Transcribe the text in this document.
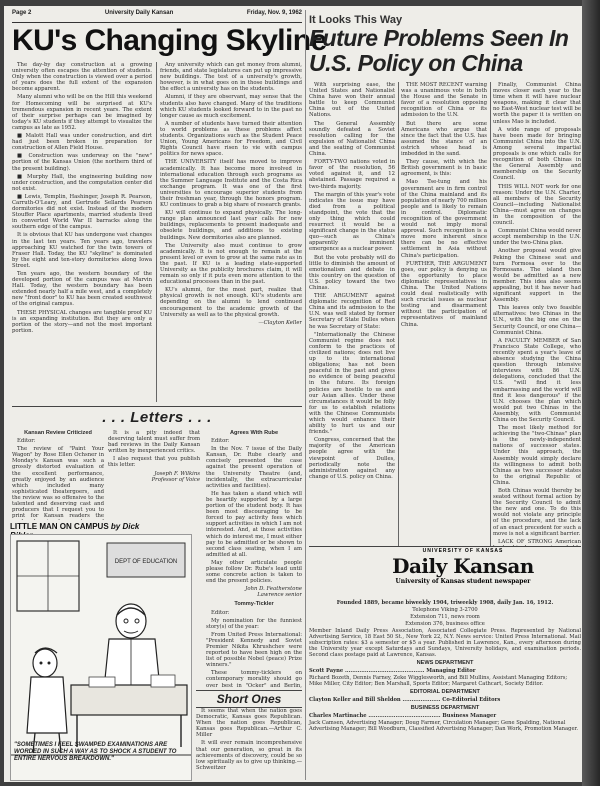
Page 2	University Daily Kansan	Friday, Nov. 9, 1962
KU's Changing Skyline

The day-by day construction at a growing university often escapes the attention of students. Only when the construction is viewed over a period of years does the full extent of the expansion become apparent.

Many alumni who will be on the Hill this weekend for Homecoming will be surprised at KU's tremendous expansion in recent years. The extent of their surprise perhaps can be imagined by today's KU students if they attempt to visualize the campus as late as 1952.

■ Malott Hall was under construction, and dirt had just been broken in preparation for construction of Allen Field House.

■ Construction was underway on the "new" portion of the Kansas Union (the northern third of the present building).

■ Murphy Hall, the engineering building now under construction, and the computation center did not exist.

■ Lewis, Templin, Hashinger, Joseph R. Pearson, Carruth-O'Leary, and Gertrude Sellards Pearson dormitories did not exist. Instead of the modern Stouffer Place apartments, married students lived in converted World War II barracks along the southern edge of the campus.

It is obvious that KU has undergone vast changes in the last ten years. Ten years ago, travelers approaching KU watched for the twin towers of Fraser Hall. Today, the KU "skyline" is dominated by the eight and ten-story dormitories along Iowa Street.

Ten years ago, the western boundary of the developed portion of the campus was at Marvin Hall. Today, the western boundary has been extended nearly half a mile west, and a completely new "front door" to KU has been created southwest of the original campus.

THESE PHYSICAL changes are tangible proof KU is an expanding institution. But they are only a portion of the story—and not the most important portion.

Any university which can get money from alumni, friends, and state legislatures can put up impressive new buildings. The test of a university's growth, however, is in what goes on in those buildings and the effect a university has on the students.

Alumni, if they are observant, may sense that the students also have changed. Many of the traditions which KU students looked forward to in the past no longer cause as much excitement.

A number of students have turned their attention to world problems as these problems affect students. Organizations such as the Student Peace Union, Young Americans for Freedom, and Civil Rights Council have risen to vie with campus politics for news space.

THE UNIVERSITY itself has moved to improve academically. It has become more involved in international education through such programs as the Summer Language Institute and the Costa Rica exchange program. It was one of the first universities to encourage superior students from their freshman year, through the honors program. KU continues to grab a big share of research grants.

KU will continue to expand physically. The long-range plan announced last year calls for new buildings, replacements to present inadequate and obsolete buildings, and additions to existing buildings. New dormitories also are planned.

The University also must continue to grow academically. It is not enough to remain at the present level or even to grow at the same rate as in the past. If KU is a leading state-supported University as the publicity brochures claim, it will remain so only if it puts even more attention to the educational processes than in the past.

KU's alumni, for the most part, realize that physical growth is not enough. KU's students are depending on the alumni to lend continued encouragement to the academic growth of the University as well as to the physical growth.

—Clayton Keller
. . . Letters . . .
Kansan Review Criticized

Editor:

The review of "Paint Your Wagon" by Rose Ellen Ochsner in Monday's Kansan was such a grossly distorted evaluation of the excellent performance, greatly enjoyed by an audience which included many sophisticated theatergoers, and the review was so offensive to the talented and deserving cast and producers that I request you to print for Kansan readers the

It is a pity indeed that deserving talent must suffer from bad reviews in the Daily Kansan written by inexperienced critics.

I also request that you publish this letter.

Joseph F. Wilkins
Professor of Voice
Agrees With Rube

Editor:

In the Nov. 7 issue of the Daily Kansan, Dr. Rube clearly and concisely presented the case against the present operation of the University Theatre (and, incidentally, the extracurricular activities and facilities).

He has taken a stand which will be heartily supported by a large portion of the student body. It has been most discouraging to be forced to pay activity fees which support activities in which I am not interested. And, at those activities which do interest me, I must either pay to be admitted or be shown to second class seating, when I am admitted at all.

May other articulate people please follow Dr. Rube's lead until some concrete action is taken to end the present policies.

John D. Featherstone
Lawrence senior
Tommy-Tickler

Editor:

My nomination for the funniest story(s) of the year:

From United Press International: "President Kennedy and Soviet Premier Nikita Khrushchev were reported to have been high on the list of possible Nobel (peace) Prize winners."

These tommy-ticklers on contemporary morality should go over best in "Ocker" and Berlin,

LITTLE MAN ON CAMPUS by Dick
DEPT OF EDUCATION
"SOMETIMES I FEEL SWAMPED EXAMINATIONS ARE WORDED IN SUCH A WAY AS TO SHOCK A STUDENT TO ENTIRE NERVOUS BREAKDOWN."
Short Ones

It seems that when the nation goes Democratic, Kansas goes Republican. When the nation goes Republican, Kansas goes Republican.—Arthur C. Miller

It will ever remain incomprehensive that our generation, so great in its achievements of discovery, could be so low spiritually as to give up thinking.—Schweitzer

It Looks This Way
Future Problems Seen In U.S. Policy on China

With surprising ease, the United States and Nationalist China have won their annual battle to keep Communist China out of the United Nations.

The General Assembly soundly defeated a Soviet resolution calling for the expulsion of Nationalist China and the seating of Communist China.

FORTY-TWO nations voted in favor of the resolution, 56 voted against it, and 12 abstained. Passage required a two-thirds majority.

The margin of this year's vote indicates the issue may have died from a political standpoint, the vote that the only thing which could resurrect it would be a significant change in the status quo—such as China's apparently imminent emergence as a nuclear power.

But the vote probably will do little to diminish the amount of emotionalism and debate in this country on the question of U.S. policy toward the two Chinas.

THE ARGUMENT against diplomatic recognition of Red China and its admission to the U.N. was well stated by former Secretary of State Dulles when he was Secretary of State:

"Internationally the Chinese Communist regime does not conform to the practices of civilized nations; does not live up to its international obligations; has not been peaceful in the past and gives no evidence of being peaceful in the future. Its foreign policies are hostile to us and our Asian allies. Under these circumstances it would be folly for us to establish relations with the Chinese Communists which would enhance their ability to hurt us and our friends."

Congress, concerned that the majority of the American people agree with the viewpoint of Dulles, periodically note the administration against any change of U.S. policy on China.

THE MOST RECENT warning was a unanimous vote in both the House and the Senate in favor of a resolution opposing recognition of China or its admission to the U.N.

But there are some Americans who argue that since the fact that the U.S. has assumed the stance of an ostrich whose head is imbedded in the sand.

They cause, with which the British government is in basic agreement, is this:

Mao Tse-tung and his government are in firm control of the China mainland and its population of nearly 700 million people and is likely to remain in control. Diplomatic recognition of the government would not imply moral approval. Such recognition is a move more inherent since there can be no effective settlement in Asia without China's participation.

FURTHER, THE ARGUMENT goes, our policy is denying us the opportunity to place diplomatic representatives in China. The United Nations could deal realistically with such crucial issues as nuclear testing and disarmament without the participation of representatives of mainland China.

Finally, Communist China moves closer each year to the time when it will have nuclear weapons, making it clear that no East-West nuclear test will be worth the paper it is written on unless Mao is included.

A wide range of proposals have been made for bringing Communist China into the U.N. Among several impartial proposals is one which calls for recognition of both Chinas in the General Assembly and membership on the Security Council.

THIS WILL NOT work for one reason: Under the U.N. Charter, all members of the Security Council—including Nationalist China—must agree on changes in the composition of the council.

Communist China would never accept membership in the U.N. under the two-China plan.

Another proposal would give Peking the Chinese seat and turn Formosa over to the Formosans. The island then would be admitted as a new member. This idea also seems appealing, but it has never had significant support in the Assembly.

This leaves only two feasible alternatives: two Chinas in the U.N., with the big one on the Security Council, or one China—Communist China.

A FACULTY MEMBER of San Francisco State College, who recently spent a year's leave of absence studying the China question through intensive interviews with 86 U.N. delegations, concluded that the U.S. "will find it less embarrassing and the world will find it less dangerous" if the U.N. chooses the plan which would put two Chinas in the Assembly, with Communist China on the Security Council.

The most likely method for achieving the "two-Chinas" plan is the newly-independent nations of successor states. Under this approach, the Assembly would simply declare its willingness to admit both Chinas as two successor states to the original Republic of China.

Both Chinas would thereby be seated without formal action by the Security Council to admit the new and one. To do this would not violate any principle of the procedure, and the lack of an exact precedent for such a move is not a significant barrier.

LACK OF STRONG American

UNIVERSITY OF KANSAS
Daily Kansan
University of Kansas student newspaper

Founded 1889, became biweekly 1904, triweekly 1908, daily Jan. 16, 1912.

Telephone Viking 3-2700

Extension 711, news room

Extension 376, business office

Member Inland Daily Press Association, Associated Collegiate Press. Represented by National Advertising Service, 18 East 50 St., New York 22, N.Y. News service: United Press International. Mail subscription rates: $3 a semester or $5 a year. Published in Lawrence, Kan., every afternoon during the University year except Saturdays and Sundays, University holidays, and examination periods. Second class postage paid at Lawrence, Kansas.

NEWS DEPARTMENT

Scott Payne ............................................ Managing Editor

Richard Bozeth, Dennis Farney, Zeke Wigglesworth, and Bill Mullins, Assistant Managing Editors; Mike Miller, City Editor; Ben Marshall, Sports Editor; Margaret Cathcart, Society Editor.

EDITORIAL DEPARTMENT

Clayton Keller and Bill Sheldon ..................... Co-Editorial Editors

BUSINESS DEPARTMENT

Charles Martinache ........................................ Business Manager

Jack Camsen, Advertising Manager; Doug Farmer, Circulation Manager; Gene Spalding, National Advertising Manager; Bill Woodburn, Classified Advertising Manager; Dan Work, Promotion Manager.
